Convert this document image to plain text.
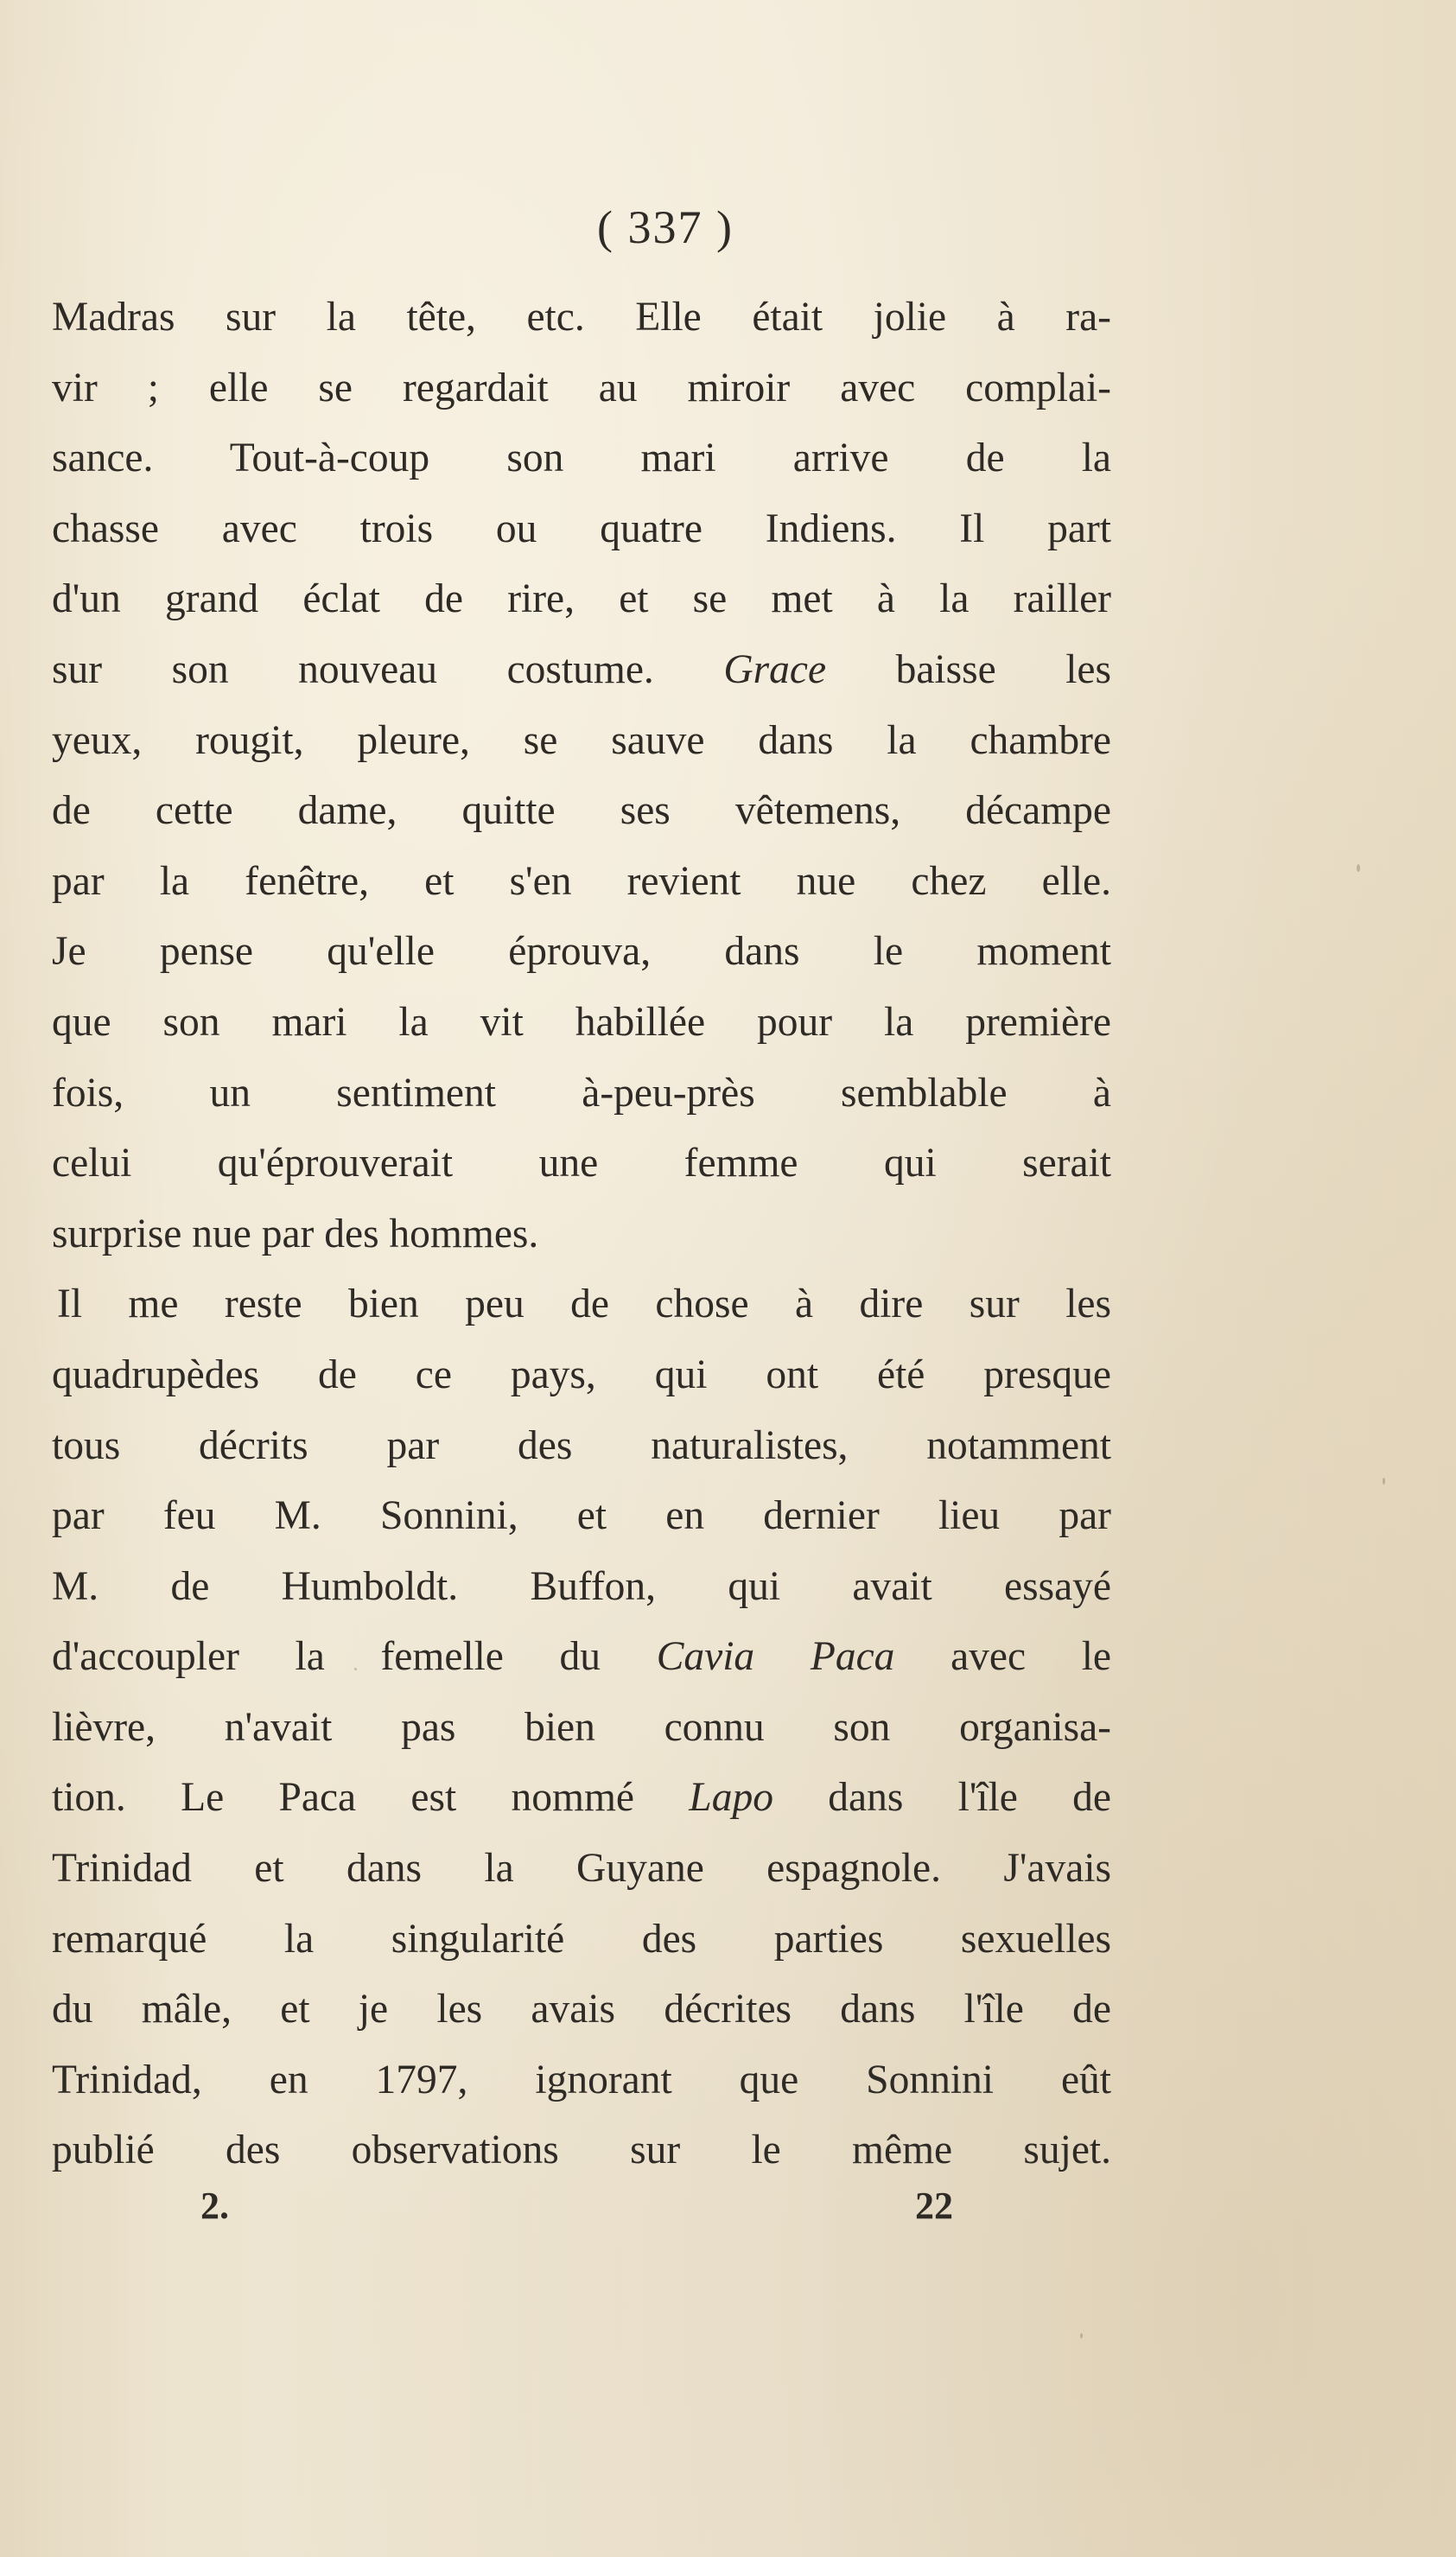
( 337 )
Madras sur la tête, etc. Elle était jolie à ra-
vir ; elle se regardait au miroir avec complai-
sance. Tout-à-coup son mari arrive de la
chasse avec trois ou quatre Indiens. Il part
d'un grand éclat de rire, et se met à la railler
sur son nouveau costume. Grace baisse les
yeux, rougit, pleure, se sauve dans la chambre
de cette dame, quitte ses vêtemens, décampe
par la fenêtre, et s'en revient nue chez elle.
Je pense qu'elle éprouva, dans le moment
que son mari la vit habillée pour la première
fois, un sentiment à-peu-près semblable à
celui qu'éprouverait une femme qui serait
surprise nue par des hommes.
Il me reste bien peu de chose à dire sur les
quadrupèdes de ce pays, qui ont été presque
tous décrits par des naturalistes, notamment
par feu M. Sonnini, et en dernier lieu par
M. de Humboldt. Buffon, qui avait essayé
d'accoupler la femelle du Cavia Paca avec le
lièvre, n'avait pas bien connu son organisa-
tion. Le Paca est nommé Lapo dans l'île de
Trinidad et dans la Guyane espagnole. J'avais
remarqué la singularité des parties sexuelles
du mâle, et je les avais décrites dans l'île de
Trinidad, en 1797, ignorant que Sonnini eût
publié des observations sur le même sujet.
2.	22
